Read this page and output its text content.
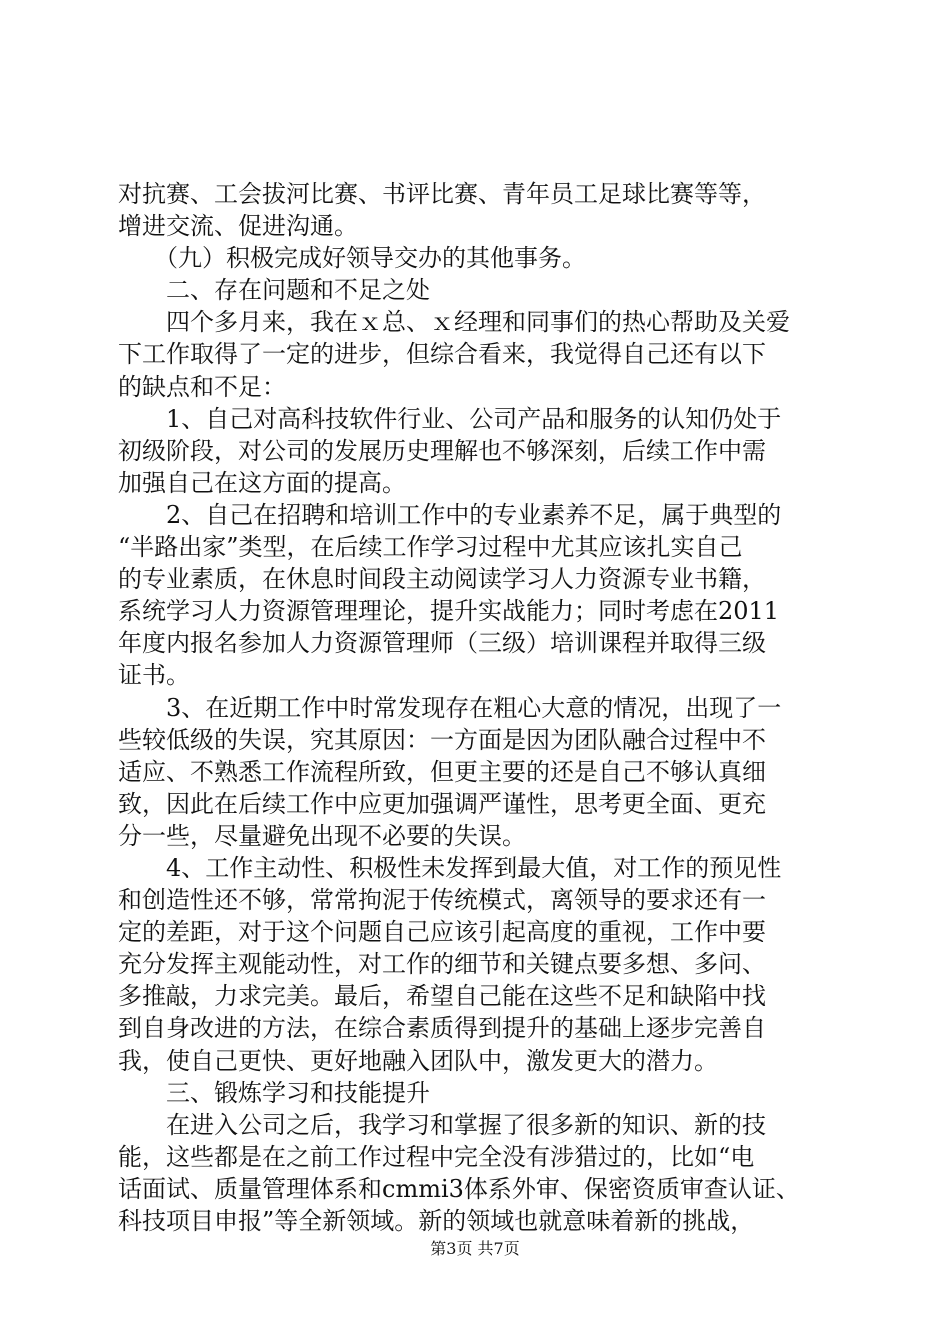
对抗赛、工会拔河比赛、书评比赛、青年员工足球比赛等等，
增进交流、促进沟通。
　　（九）积极完成好领导交办的其他事务。
　　二、存在问题和不足之处
　　四个多月来，我在ｘ总、ｘ经理和同事们的热心帮助及关爱
下工作取得了一定的进步，但综合看来，我觉得自己还有以下
的缺点和不足：
　　1、自己对高科技软件行业、公司产品和服务的认知仍处于
初级阶段，对公司的发展历史理解也不够深刻，后续工作中需
加强自己在这方面的提高。
　　2、自己在招聘和培训工作中的专业素养不足，属于典型的
“半路出家”类型，在后续工作学习过程中尤其应该扎实自己
的专业素质，在休息时间段主动阅读学习人力资源专业书籍，
系统学习人力资源管理理论，提升实战能力；同时考虑在2011
年度内报名参加人力资源管理师（三级）培训课程并取得三级
证书。
　　3、在近期工作中时常发现存在粗心大意的情况，出现了一
些较低级的失误，究其原因：一方面是因为团队融合过程中不
适应、不熟悉工作流程所致，但更主要的还是自己不够认真细
致，因此在后续工作中应更加强调严谨性，思考更全面、更充
分一些，尽量避免出现不必要的失误。
　　4、工作主动性、积极性未发挥到最大值，对工作的预见性
和创造性还不够，常常拘泥于传统模式，离领导的要求还有一
定的差距，对于这个问题自己应该引起高度的重视，工作中要
充分发挥主观能动性，对工作的细节和关键点要多想、多问、
多推敲，力求完美。最后，希望自己能在这些不足和缺陷中找
到自身改进的方法，在综合素质得到提升的基础上逐步完善自
我，使自己更快、更好地融入团队中，激发更大的潜力。
　　三、锻炼学习和技能提升
　　在进入公司之后，我学习和掌握了很多新的知识、新的技
能，这些都是在之前工作过程中完全没有涉猎过的，比如“电
话面试、质量管理体系和cmmi3体系外审、保密资质审查认证、
科技项目申报”等全新领域。新的领域也就意味着新的挑战，
第3页 共7页
